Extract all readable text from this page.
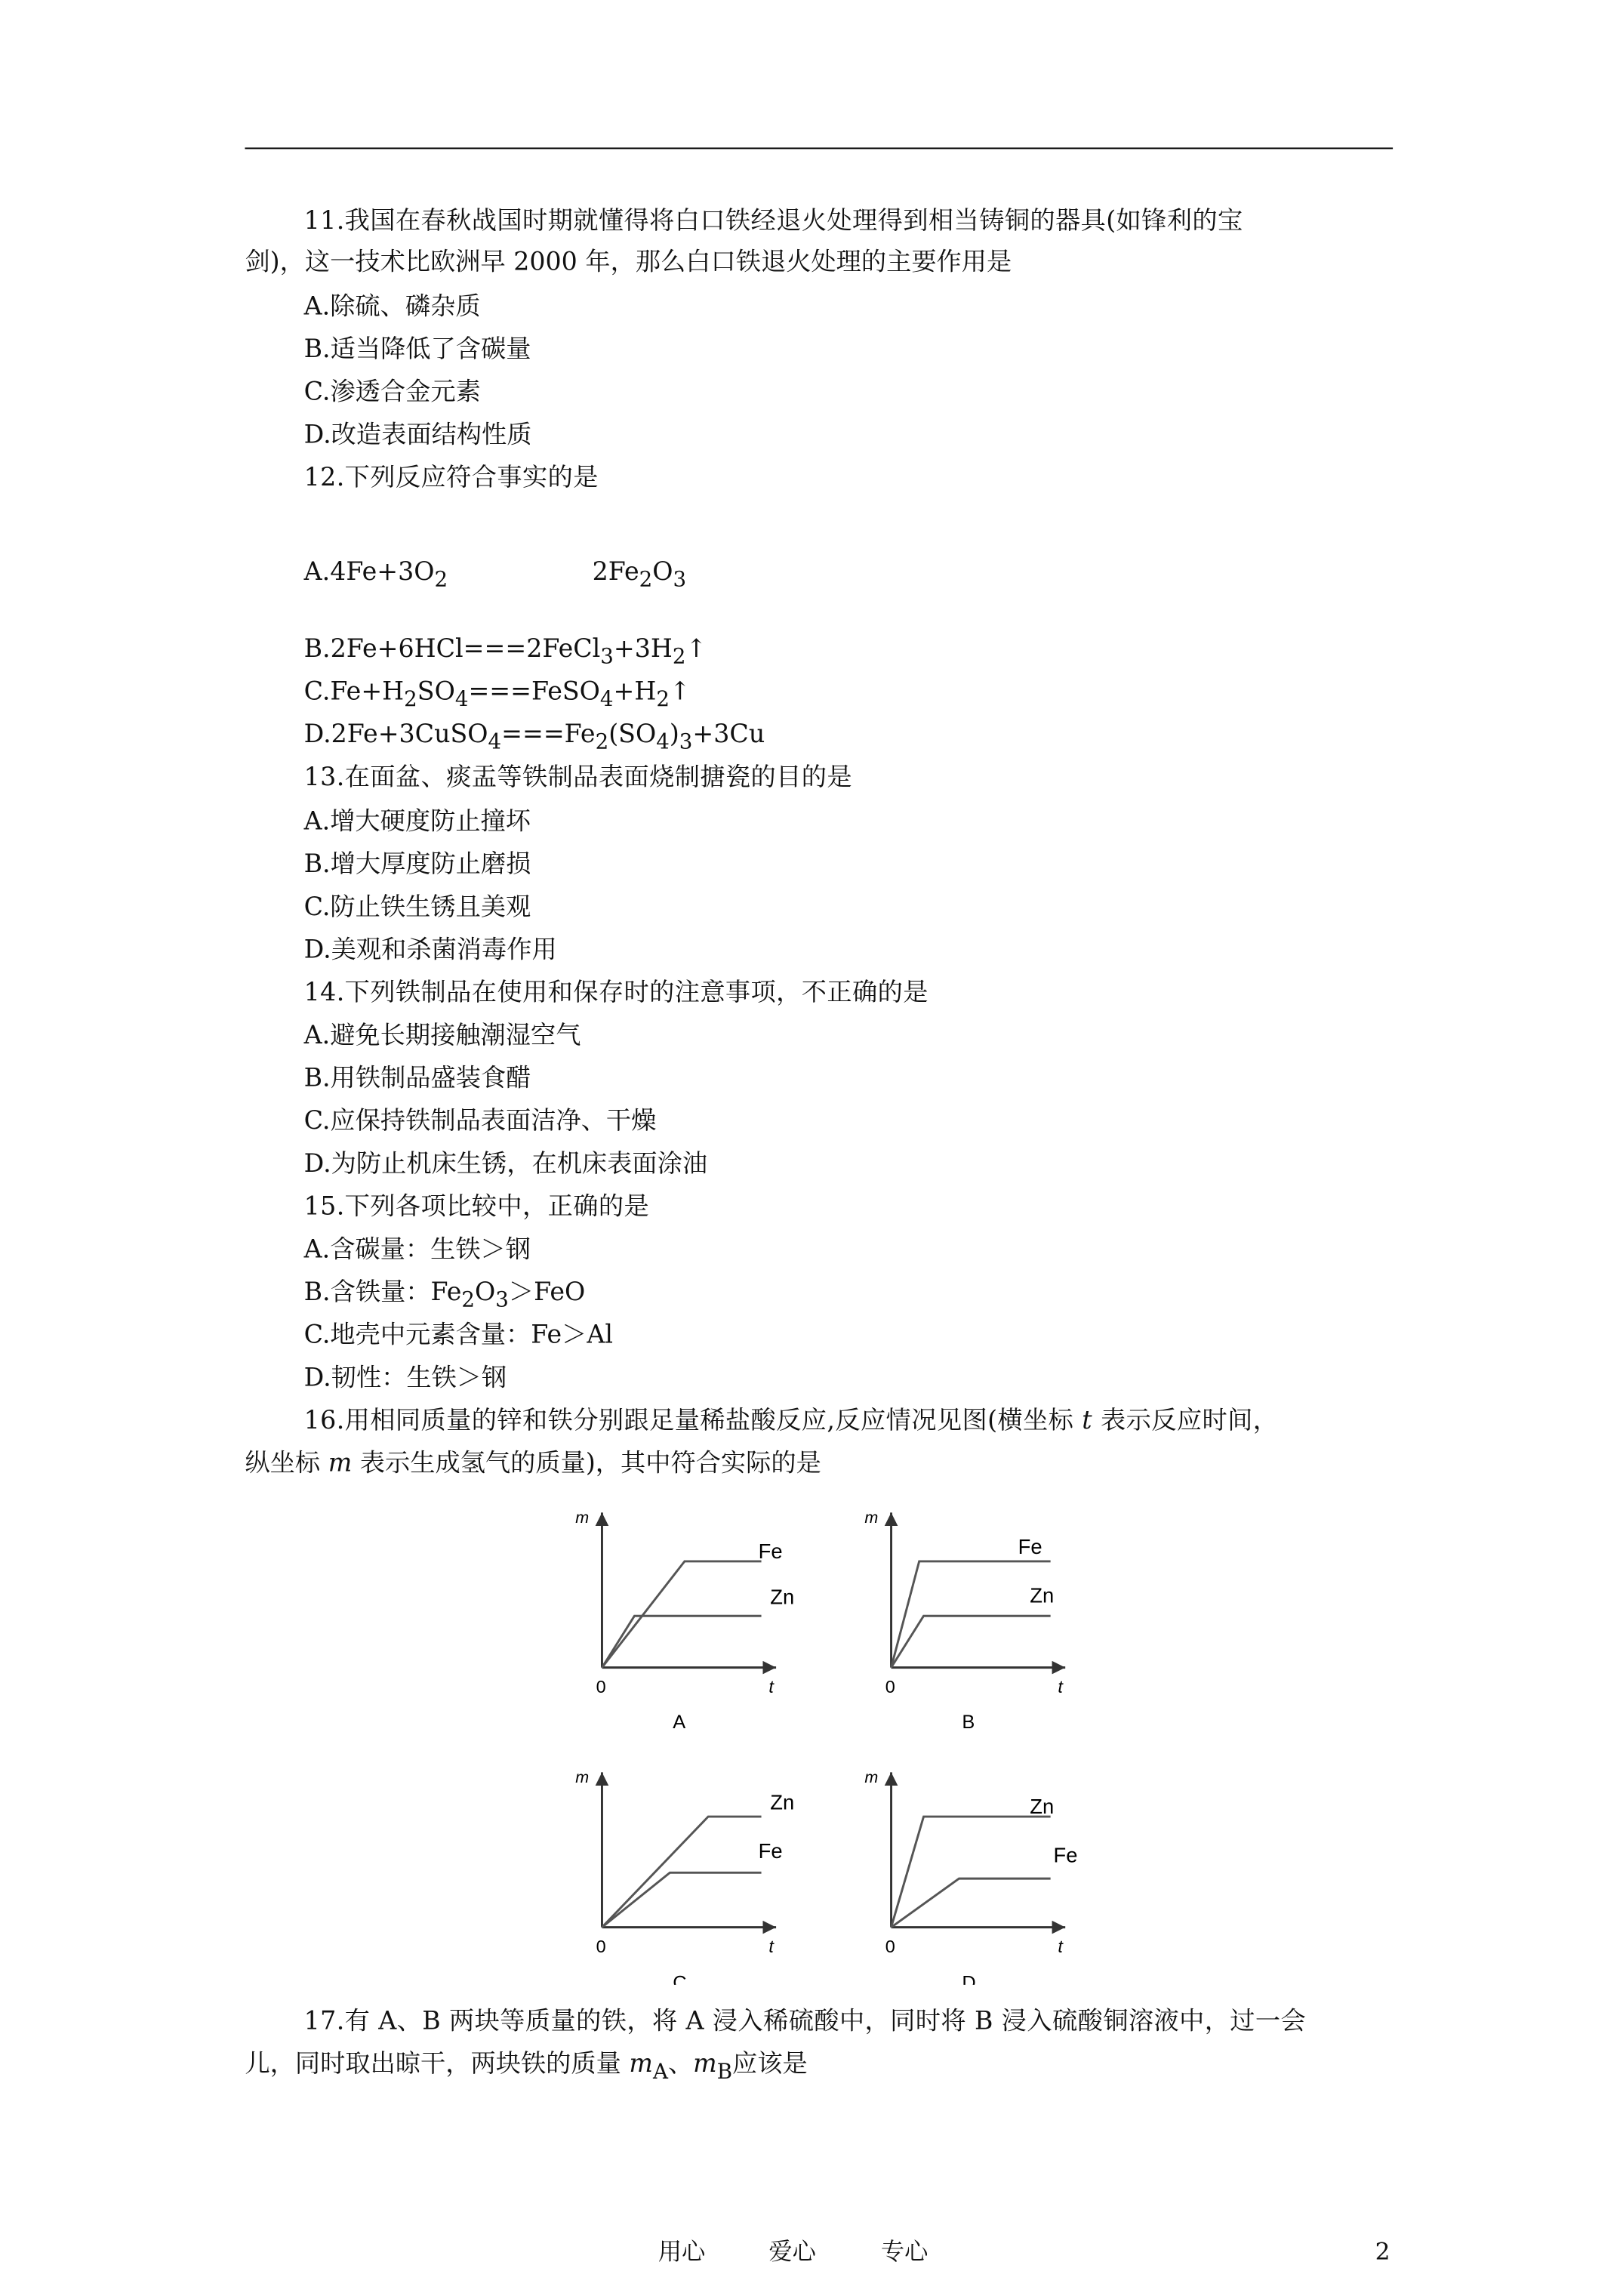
11.我国在春秋战国时期就懂得将白口铁经退火处理得到相当铸铜的器具(如锋利的宝
剑)，这一技术比欧洲早 2000 年，那么白口铁退火处理的主要作用是
A.除硫、磷杂质
B.适当降低了含碳量
C.渗透合金元素
D.改造表面结构性质
12.下列反应符合事实的是
$A.4Fe+3O_2$	$2Fe_2O_3$
$B.2Fe+6HCl===2FeCl_3+3H_2↑$
$C.Fe+H_2SO_4===FeSO_4+H_2↑$
$D.2Fe+3CuSO_4===Fe_2(SO_4)_3+3Cu$
13.在面盆、痰盂等铁制品表面烧制搪瓷的目的是
A.增大硬度防止撞坏
B.增大厚度防止磨损
C.防止铁生锈且美观
D.美观和杀菌消毒作用
14.下列铁制品在使用和保存时的注意事项，不正确的是
A.避免长期接触潮湿空气
B.用铁制品盛装食醋
C.应保持铁制品表面洁净、干燥
D.为防止机床生锈，在机床表面涂油
15.下列各项比较中，正确的是
A.含碳量：生铁＞钢
B.含铁量：$Fe_2O_3>FeO$
C.地壳中元素含量：Fe＞Al
D.韧性：生铁＞钢
16.用相同质量的锌和铁分别跟足量稀盐酸反应,反应情况见图(横坐标 t 表示反应时间，
纵坐标 m 表示生成氢气的质量)，其中符合实际的是
m
0	t
Fe
Zn
A
m
0	t
Fe
Zn
B
m
0	t
Zn
Fe
C
m
0	t
Zn
Fe
D
17.有 A、B 两块等质量的铁，将 A 浸入稀硫酸中，同时将 B 浸入硫酸铜溶液中，过一会
儿，同时取出晾干，两块铁的质量 $m_A$、$m_B$应该是
用心	爱心	专心	2
